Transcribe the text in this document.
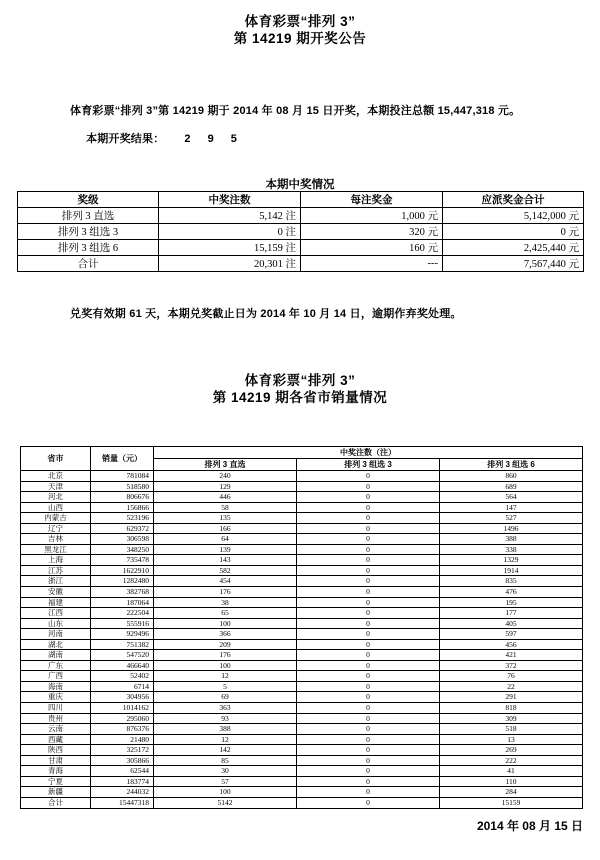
体育彩票“排列 3”
第 14219 期开奖公告

体育彩票“排列 3”第 14219 期于 2014 年 08 月 15 日开奖，本期投注总额 15,447,318 元。

本期开奖结果： 2 9 5

本期中奖情况
奖级	中奖注数	每注奖金	应派奖金合计
排列 3 直选	5,142 注	1,000 元	5,142,000 元
排列 3 组选 3	0 注	320 元	0 元
排列 3 组选 6	15,159 注	160 元	2,425,440 元
合计	20,301 注	---	7,567,440 元

兑奖有效期 61 天，本期兑奖截止日为 2014 年 10 月 14 日，逾期作弃奖处理。

体育彩票“排列 3”
第 14219 期各省市销量情况
省市	销量（元）	中奖注数（注）		
		排列 3 直选	排列 3 组选 3	排列 3 组选 6
北京	781084	240	0	860
天津	518580	129	0	689
河北	806676	446	0	564
山西	156866	58	0	147
内蒙古	523196	135	0	527
辽宁	629372	166	0	1496
吉林	306598	64	0	388
黑龙江	348250	139	0	338
上海	735478	143	0	1329
江苏	1622910	582	0	1914
浙江	1282480	454	0	835
安徽	382768	176	0	476
福建	187064	38	0	195
江西	222504	65	0	177
山东	555916	100	0	405
河南	929496	366	0	597
湖北	751382	209	0	456
湖南	547520	176	0	421
广东	466640	100	0	372
广西	52402	12	0	76
海南	6714	5	0	22
重庆	304956	69	0	291
四川	1014162	363	0	818
贵州	295060	93	0	309
云南	876376	388	0	518
西藏	21480	12	0	13
陕西	325172	142	0	269
甘肃	305866	85	0	222
青海	62544	30	0	41
宁夏	183774	57	0	110
新疆	244032	100	0	284
合计	15447318	5142	0	15159
2014 年 08 月 15 日
